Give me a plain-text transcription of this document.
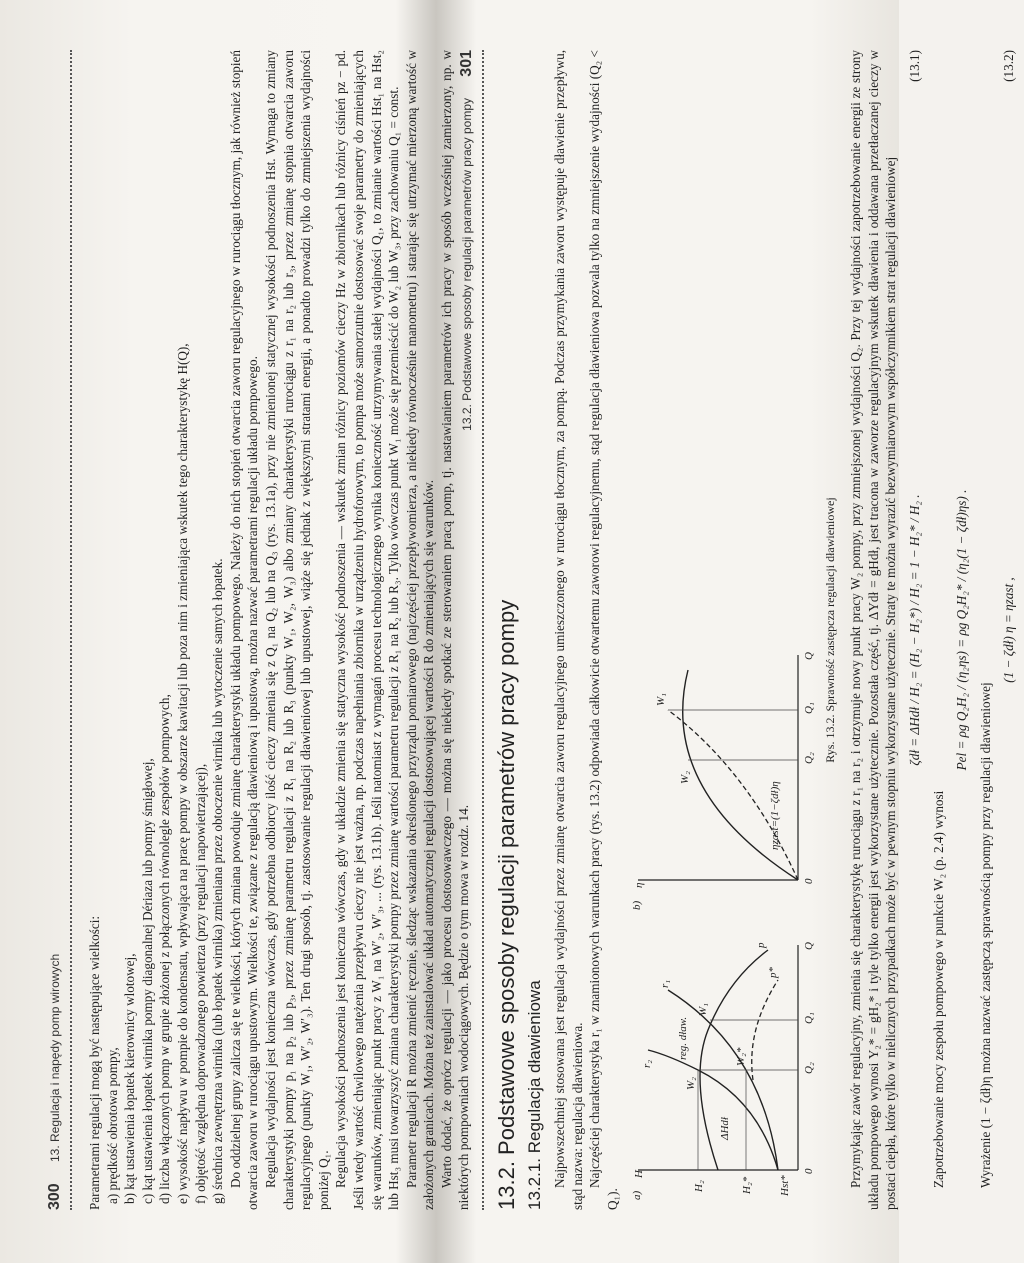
300
13. Regulacja i napędy pomp wirowych Parametrami regulacji mogą być następujące wielkości: a) prędkość obrotowa pompy, b) kąt ustawienia łopatek kierownicy wlotowej, c) kąt ustawienia łopatek wirnika pompy diagonalnej Dériaza lub pompy śmigłowej, d) liczba włączonych pomp w grupie złożonej z połączonych równolegle zespołów pompowych, e) wysokość napływu w pompie do kondensatu, wpływająca na pracę pompy w obszarze kawitacji lub poza nim i zmieniająca wskutek tego charakterystykę H(Q), f) objętość względna doprowadzonego powietrza (przy regulacji napowietrzającej), g) średnica zewnętrzna wirnika (lub łopatek wirnika) zmieniana przez obtoczenie wirnika lub wytoczenie samych łopatek. Do oddzielnej grupy zalicza się te wielkości, których zmiana powoduje zmianę charakterystyki układu pompowego. Należy do nich stopień otwarcia zaworu regulacyjnego w rurociągu tłocznym, jak również stopień otwarcia zaworu w rurociągu upustowym. Wielkości te, związane z regulacją dławieniową i upustową, można nazwać parametrami regulacji układu pompowego. Regulacja wydajności jest konieczna wówczas, gdy potrzebna odbiorcy ilość cieczy zmienia się z Q₁ na Q₂ lub na Q₃ (rys. 13.1a), przy nie zmienionej statycznej wysokości podnoszenia Hst. Wymaga to zmiany charakterystyki pompy p₁ na p₂ lub p₃, przez zmianę parametru regulacji z R₁ na R₂ lub R₃ (punkty W₁, W₂, W₃) albo zmiany charakterystyki rurociągu z r₁ na r₂ lub r₃, przez zmianę stopnia otwarcia zaworu regulacyjnego (punkty W₁, W′₂, W′₃). Ten drugi sposób, tj. zastosowanie regulacji dławieniowej lub upustowej, wiąże się jednak z większymi stratami energii, a ponadto prowadzi tylko do zmniejszenia wydajności poniżej Q₁. Regulacja wysokości podnoszenia jest konieczna wówczas, gdy w układzie zmienia się statyczna wysokość podnoszenia — wskutek zmian różnicy poziomów cieczy Hz w zbiornikach lub różnicy ciśnień pz − pd. Jeśli wtedy wartość chwilowego natężenia przepływu cieczy nie jest ważna, np. podczas napełniania zbiornika w urządzeniu hydroforowym, to pompa może samorzutnie dostosować swoje parametry do zmieniających się warunków, zmieniając punkt pracy z W₁ na W′₂, W′₃, ... (rys. 13.1b). Jeśli natomiast z wymagań procesu technologicznego wynika konieczność utrzymywania stałej wydajności Q₁, to zmianie wartości Hst₁ na Hst₂ lub Hst₃ musi towarzyszyć zmiana charakterystyki pompy przez zmianę wartości parametru regulacji z R₁ na R₂ lub R₃. Tylko wówczas punkt W₁ może się przemieścić do W₂ lub W₃, przy zachowaniu Q₁ = const. Parametr regulacji R można zmienić ręcznie, śledząc wskazania określonego przyrządu pomiarowego (najczęściej przepływomierza, a niekiedy równocześnie manometru) i starając się utrzymać mierzoną wartość w założonych granicach. Można też zainstalować układ automatycznej regulacji dostosowującej wartości R do zmieniających się warunków. Warto dodać, że oprócz regulacji — jako procesu dostosowawczego — można się niekiedy spotkać ze sterowaniem pracą pomp, tj. nastawianiem parametrów ich pracy w sposób wcześniej zamierzony, np. w niektórych pompowniach wodociągowych. Będzie o tym mowa w rozdz. 14.

13.2. Podstawowe sposoby regulacji parametrów pracy pompy
301
13.2. Podstawowe sposoby regulacji parametrów pracy pompy 13.2.1. Regulacja dławieniowa Najpowszechniej stosowana jest regulacja wydajności przez zmianę otwarcia zaworu regulacyjnego umieszczonego w rurociągu tłocznym, za pompą. Podczas przymykania zaworu występuje dławienie przepływu, stąd nazwa: regulacja dławieniowa. Najczęściej charakterystyka r₁ w znamionowych warunkach pracy (rys. 13.2) odpowiada całkowicie otwartemu zaworowi regulacyjnemu, stąd regulacja dławieniowa pozwala tylko na zmniejszenie wydajności (Q₂ < Q₁). a)
H
H₂	H₂* Hst*
ΔHdł
r₂
r₁
p
p*
W₂
W₂*
W₁
reg. dław.
0
Q₂
Q₁
Q
b)
η
W₂
W₁
ηzast=(1−ζdł)η
0
Q₂
Q₁
Q Rys. 13.2. Sprawność zastępcza regulacji dławieniowej Przymykając zawór regulacyjny, zmienia się charakterystykę rurociągu z r₁ na r₂ i otrzymuje nowy punkt pracy W₂ pompy, przy zmniejszonej wydajności Q₂. Przy tej wydajności zapotrzebowanie energii ze strony układu pompowego wynosi Y₂* = gH₂* i tyle tylko energii jest wykorzystane użytecznie. Pozostała część, tj. ΔYdł = gHdł, jest tracona w zaworze regulacyjnym wskutek dławienia i oddawana przetłaczanej cieczy w postaci ciepła, które tylko w nielicznych przypadkach może być w pewnym stopniu wykorzystane użytecznie. Straty te można wyrazić bezwymiarowym współczynnikiem strat regulacji dławieniowej ζdł = ΔHdł / H₂ = (H₂ − H₂*) / H₂ = 1 − H₂* / H₂ .
(13.1)

Zapotrzebowanie mocy zespołu pompowego w punkcie W₂ (p. 2.4) wynosi

Pel = ρg Q₂H₂ / (η₂ηs) = ρg Q₂H₂* / (η₂(1 − ζdł)ηs) .

Wyrażenie (1 − ζdł)η można nazwać zastępczą sprawnością pompy przy regulacji dławieniowej

(1 − ζdł) η = ηzast ,
(13.2)
